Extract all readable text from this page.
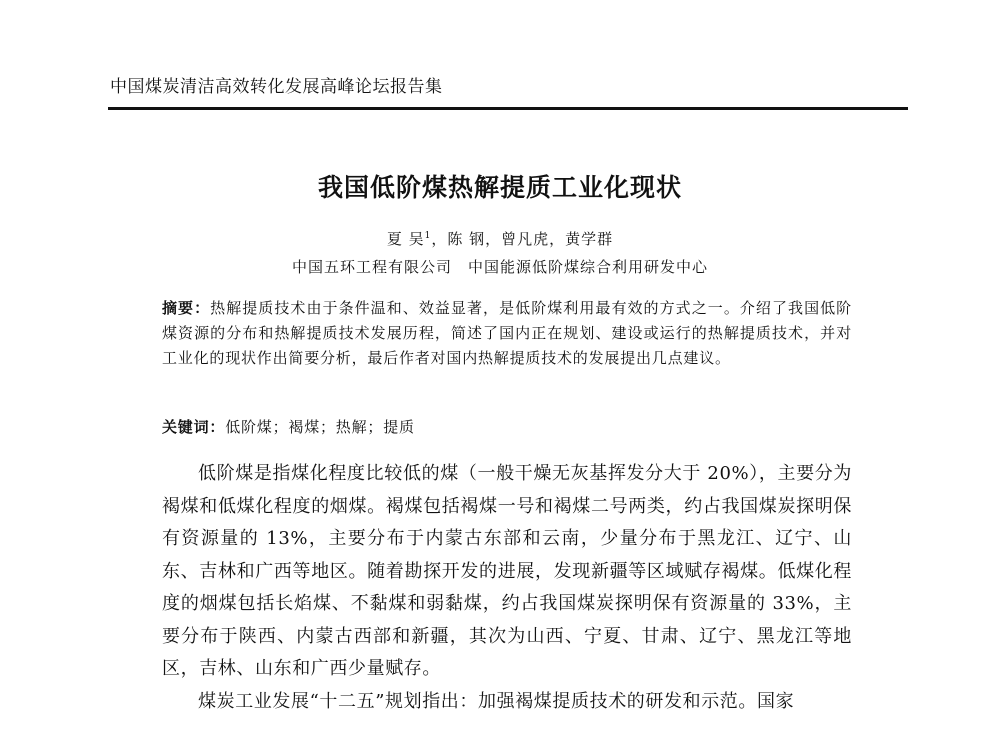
中国煤炭清洁高效转化发展高峰论坛报告集
我国低阶煤热解提质工业化现状
夏 吴$^1$，陈 钢，曾凡虎，黄学群
中国五环工程有限公司　中国能源低阶煤综合利用研发中心
摘要：热解提质技术由于条件温和、效益显著，是低阶煤利用最有效的方式之一。介绍了我国低阶煤资源的分布和热解提质技术发展历程，简述了国内正在规划、建设或运行的热解提质技术，并对工业化的现状作出简要分析，最后作者对国内热解提质技术的发展提出几点建议。
关键词：低阶煤；褐煤；热解；提质

低阶煤是指煤化程度比较低的煤（一般干燥无灰基挥发分大于 20%），主要分为褐煤和低煤化程度的烟煤。褐煤包括褐煤一号和褐煤二号两类，约占我国煤炭探明保有资源量的 13%，主要分布于内蒙古东部和云南，少量分布于黑龙江、辽宁、山东、吉林和广西等地区。随着勘探开发的进展，发现新疆等区域赋存褐煤。低煤化程度的烟煤包括长焰煤、不黏煤和弱黏煤，约占我国煤炭探明保有资源量的 33%，主要分布于陕西、内蒙古西部和新疆，其次为山西、宁夏、甘肃、辽宁、黑龙江等地区，吉林、山东和广西少量赋存。

煤炭工业发展“十二五”规划指出：加强褐煤提质技术的研发和示范。国家
